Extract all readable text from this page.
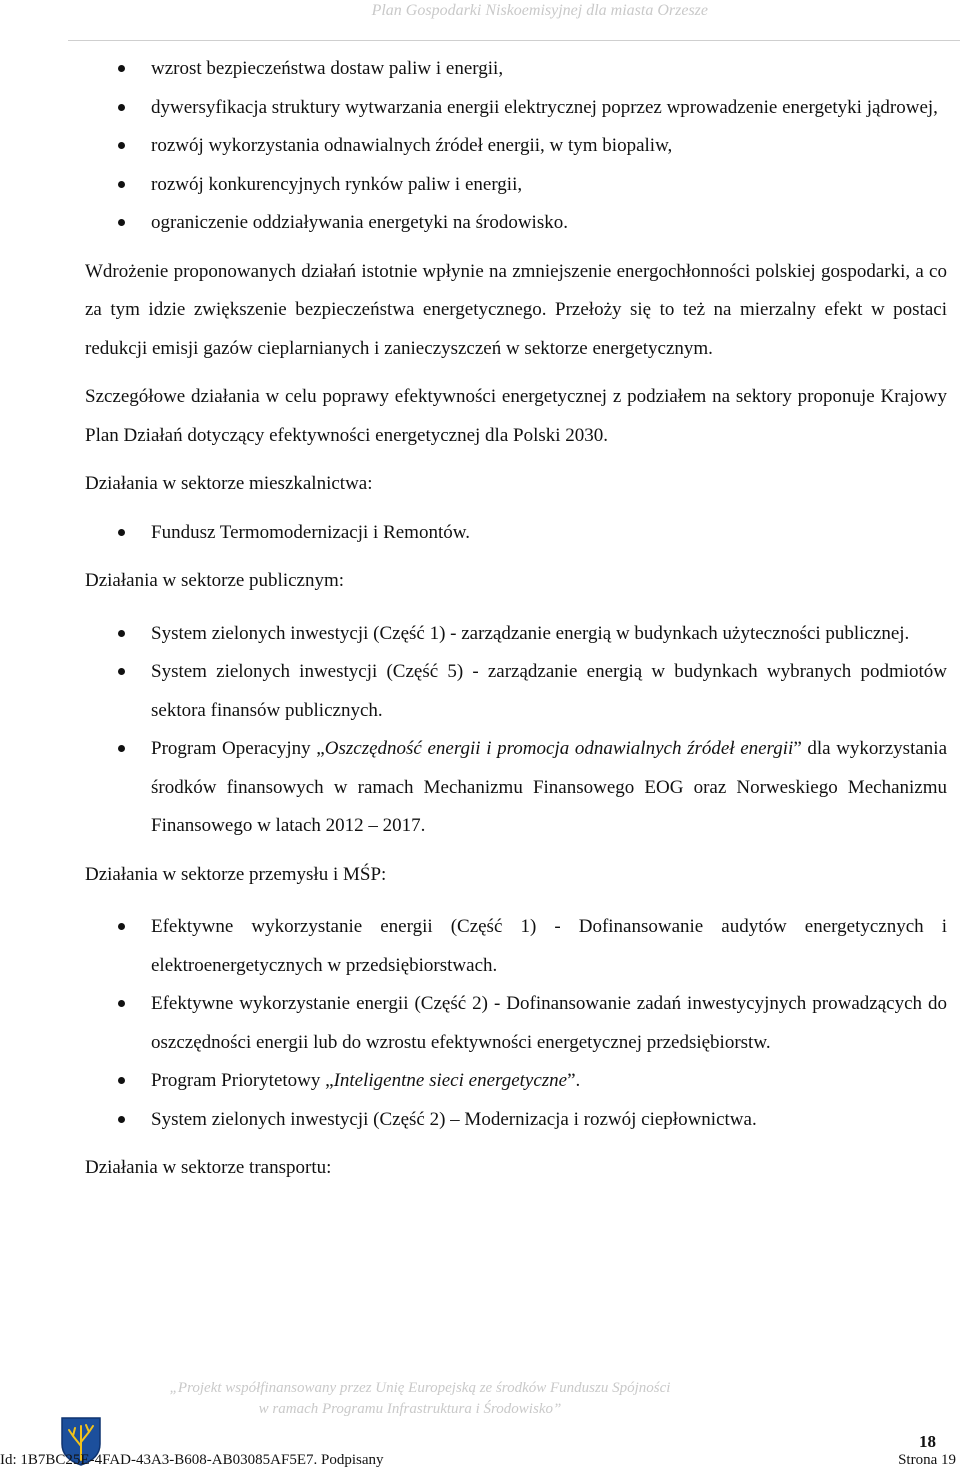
Plan Gospodarki Niskoemisyjnej dla miasta Orzesze
wzrost bezpieczeństwa dostaw paliw i energii,
dywersyfikacja struktury wytwarzania energii elektrycznej poprzez wprowadzenie energetyki jądrowej,
rozwój wykorzystania odnawialnych źródeł energii, w tym biopaliw,
rozwój konkurencyjnych rynków paliw i energii,
ograniczenie oddziaływania energetyki na środowisko.

Wdrożenie proponowanych działań istotnie wpłynie na zmniejszenie energochłonności polskiej gospodarki, a co za tym idzie zwiększenie bezpieczeństwa energetycznego. Przełoży się to też na mierzalny efekt w postaci redukcji emisji gazów cieplarnianych i zanieczyszczeń w sektorze energetycznym.

Szczegółowe działania w celu poprawy efektywności energetycznej z podziałem na sektory proponuje Krajowy Plan Działań dotyczący efektywności energetycznej dla Polski 2030.

Działania w sektorze mieszkalnictwa:

Fundusz Termomodernizacji i Remontów.

Działania w sektorze publicznym:

System zielonych inwestycji (Część 1) - zarządzanie energią w budynkach użyteczności publicznej.
System zielonych inwestycji (Część 5) - zarządzanie energią w budynkach wybranych podmiotów sektora finansów publicznych.
Program Operacyjny „Oszczędność energii i promocja odnawialnych źródeł energii” dla wykorzystania środków finansowych w ramach Mechanizmu Finansowego EOG oraz Norweskiego Mechanizmu Finansowego w latach 2012 – 2017.

Działania w sektorze przemysłu i MŚP:

Efektywne wykorzystanie energii (Część 1) - Dofinansowanie audytów energetycznych i elektroenergetycznych w przedsiębiorstwach.
Efektywne wykorzystanie energii (Część 2) - Dofinansowanie zadań inwestycyjnych prowadzących do oszczędności energii lub do wzrostu efektywności energetycznej przedsiębiorstw.
Program Priorytetowy „Inteligentne sieci energetyczne”.
System zielonych inwestycji (Część 2) – Modernizacja i rozwój ciepłownictwa.

Działania w sektorze transportu:

„Projekt współfinansowany przez Unię Europejską ze środków Funduszu Spójności
w ramach Programu Infrastruktura i Środowisko”
18
Id: 1B7BC25E-4FAD-43A3-B608-AB03085AF5E7. Podpisany	Strona 19
